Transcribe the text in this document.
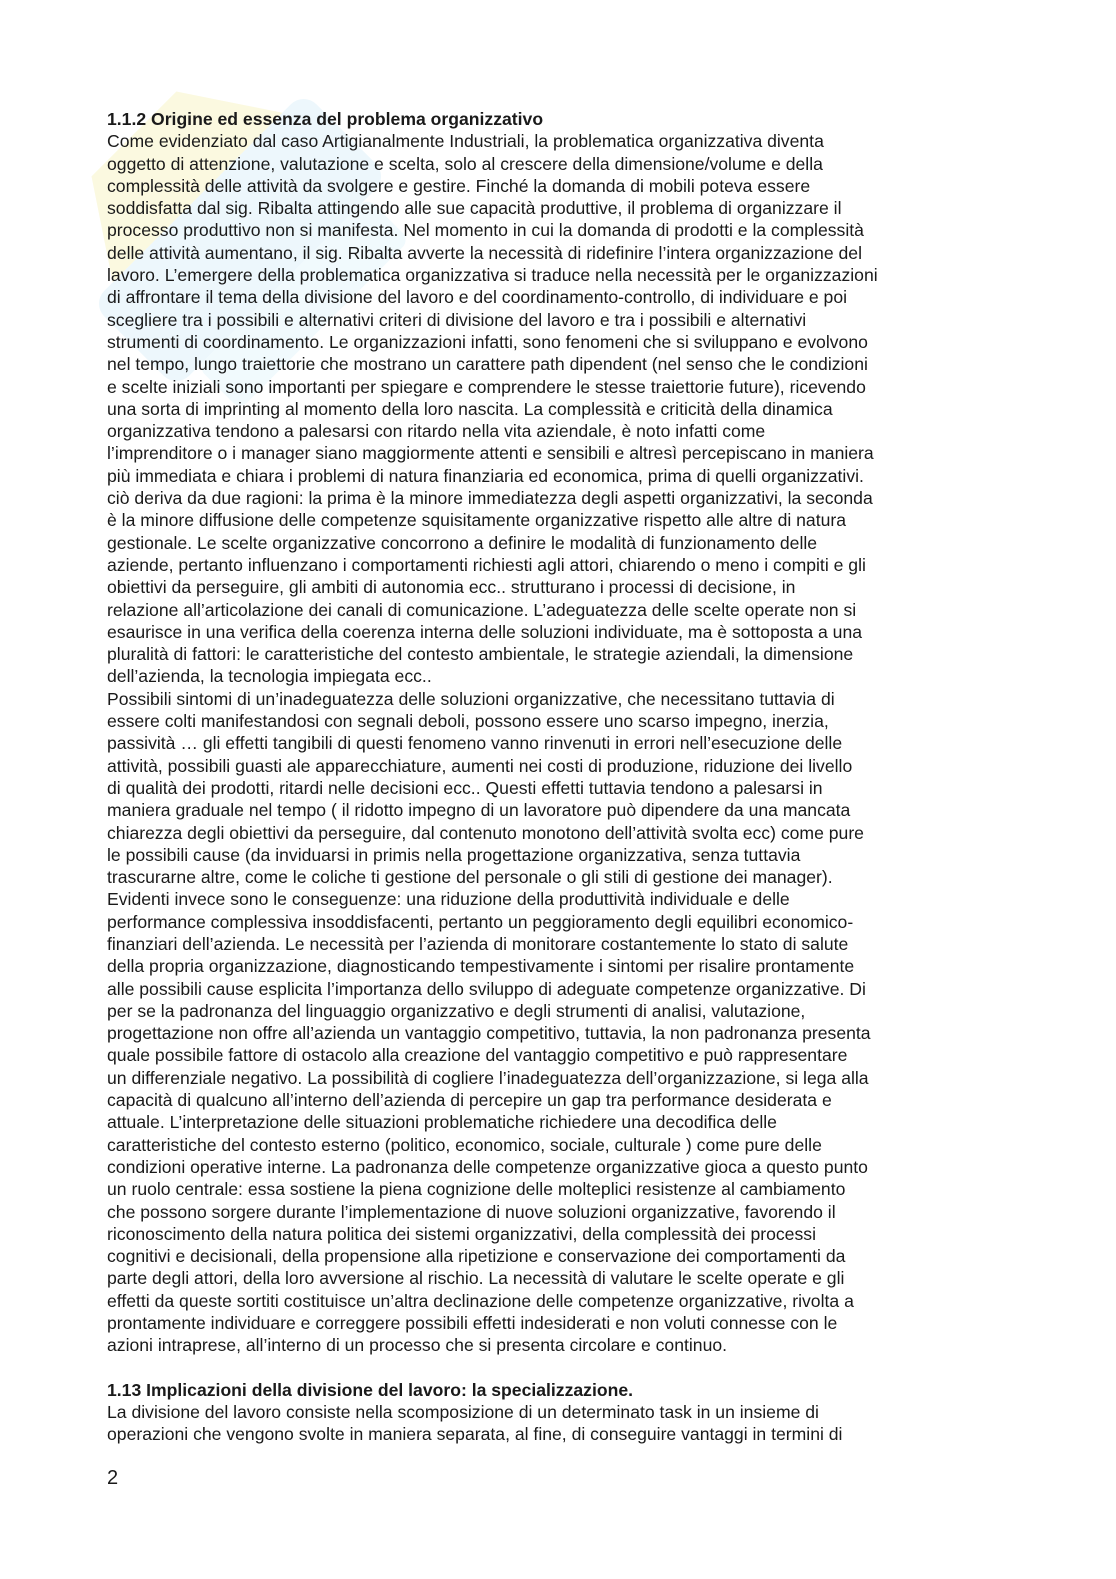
1.1.2 Origine ed essenza del problema organizzativo

Come evidenziato dal caso Artigianalmente Industriali, la problematica organizzativa diventa
oggetto di attenzione, valutazione e scelta, solo al crescere della dimensione/volume e della
complessità delle attività da svolgere e gestire. Finché la domanda di mobili poteva essere
soddisfatta dal sig. Ribalta attingendo alle sue capacità produttive, il problema di organizzare il
processo produttivo non si manifesta. Nel momento in cui la domanda di prodotti e la complessità
delle attività aumentano, il sig. Ribalta avverte la necessità di ridefinire l’intera organizzazione del
lavoro. L’emergere della problematica organizzativa si traduce nella necessità per le organizzazioni
di affrontare il tema della divisione del lavoro e del coordinamento-controllo, di individuare e poi
scegliere tra i possibili e alternativi criteri di divisione del lavoro e tra i possibili e alternativi
strumenti di coordinamento. Le organizzazioni infatti, sono fenomeni che si sviluppano e evolvono
nel tempo, lungo traiettorie che mostrano un carattere path dipendent (nel senso che le condizioni
e scelte iniziali sono importanti per spiegare e comprendere le stesse traiettorie future), ricevendo
una sorta di imprinting al momento della loro nascita. La complessità e criticità della dinamica
organizzativa tendono a palesarsi con ritardo nella vita aziendale, è noto infatti come
l’imprenditore o i manager siano maggiormente attenti e sensibili e altresì percepiscano in maniera
più immediata e chiara i problemi di natura finanziaria ed economica, prima di quelli organizzativi.
ciò deriva da due ragioni: la prima è la minore immediatezza degli aspetti organizzativi, la seconda
è la minore diffusione delle competenze squisitamente organizzative rispetto alle altre di natura
gestionale. Le scelte organizzative concorrono a definire le modalità di funzionamento delle
aziende, pertanto influenzano i comportamenti richiesti agli attori, chiarendo o meno i compiti e gli
obiettivi da perseguire, gli ambiti di autonomia ecc.. strutturano i processi di decisione, in
relazione all’articolazione dei canali di comunicazione. L’adeguatezza delle scelte operate non si
esaurisce in una verifica della coerenza interna delle soluzioni individuate, ma è sottoposta a una
pluralità di fattori: le caratteristiche del contesto ambientale, le strategie aziendali, la dimensione
dell’azienda, la tecnologia impiegata ecc..

Possibili sintomi di un’inadeguatezza delle soluzioni organizzative, che necessitano tuttavia di
essere colti manifestandosi con segnali deboli, possono essere uno scarso impegno, inerzia,
passività … gli effetti tangibili di questi fenomeno vanno rinvenuti in errori nell’esecuzione delle
attività, possibili guasti ale apparecchiature, aumenti nei costi di produzione, riduzione dei livello
di qualità dei prodotti, ritardi nelle decisioni ecc.. Questi effetti tuttavia tendono a palesarsi in
maniera graduale nel tempo ( il ridotto impegno di un lavoratore può dipendere da una mancata
chiarezza degli obiettivi da perseguire, dal contenuto monotono dell’attività svolta ecc) come pure
le possibili cause (da inviduarsi in primis nella progettazione organizzativa, senza tuttavia
trascurarne altre, come le coliche ti gestione del personale o gli stili di gestione dei manager).
Evidenti invece sono le conseguenze: una riduzione della produttività individuale e delle
performance complessiva insoddisfacenti, pertanto un peggioramento degli equilibri economico-
finanziari dell’azienda. Le necessità per l’azienda di monitorare costantemente lo stato di salute
della propria organizzazione, diagnosticando tempestivamente i sintomi per risalire prontamente
alle possibili cause esplicita l’importanza dello sviluppo di adeguate competenze organizzative. Di
per se la padronanza del linguaggio organizzativo e degli strumenti di analisi, valutazione,
progettazione non offre all’azienda un vantaggio competitivo, tuttavia, la non padronanza presenta
quale possibile fattore di ostacolo alla creazione del vantaggio competitivo e può rappresentare
un differenziale negativo. La possibilità di cogliere l’inadeguatezza dell’organizzazione, si lega alla
capacità di qualcuno all’interno dell’azienda di percepire un gap tra performance desiderata e
attuale. L’interpretazione delle situazioni problematiche richiedere una decodifica delle
caratteristiche del contesto esterno (politico, economico, sociale, culturale ) come pure delle
condizioni operative interne. La padronanza delle competenze organizzative gioca a questo punto
un ruolo centrale: essa sostiene la piena cognizione delle molteplici resistenze al cambiamento
che possono sorgere durante l’implementazione di nuove soluzioni organizzative, favorendo il
riconoscimento della natura politica dei sistemi organizzativi, della complessità dei processi
cognitivi e decisionali, della propensione alla ripetizione e conservazione dei comportamenti da
parte degli attori, della loro avversione al rischio. La necessità di valutare le scelte operate e gli
effetti da queste sortiti costituisce un’altra declinazione delle competenze organizzative, rivolta a
prontamente individuare e correggere possibili effetti indesiderati e non voluti connesse con le
azioni intraprese, all’interno di un processo che si presenta circolare e continuo.

1.13 Implicazioni della divisione del lavoro: la specializzazione.

La divisione del lavoro consiste nella scomposizione di un determinato task in un insieme di
operazioni che vengono svolte in maniera separata, al fine, di conseguire vantaggi in termini di

2
